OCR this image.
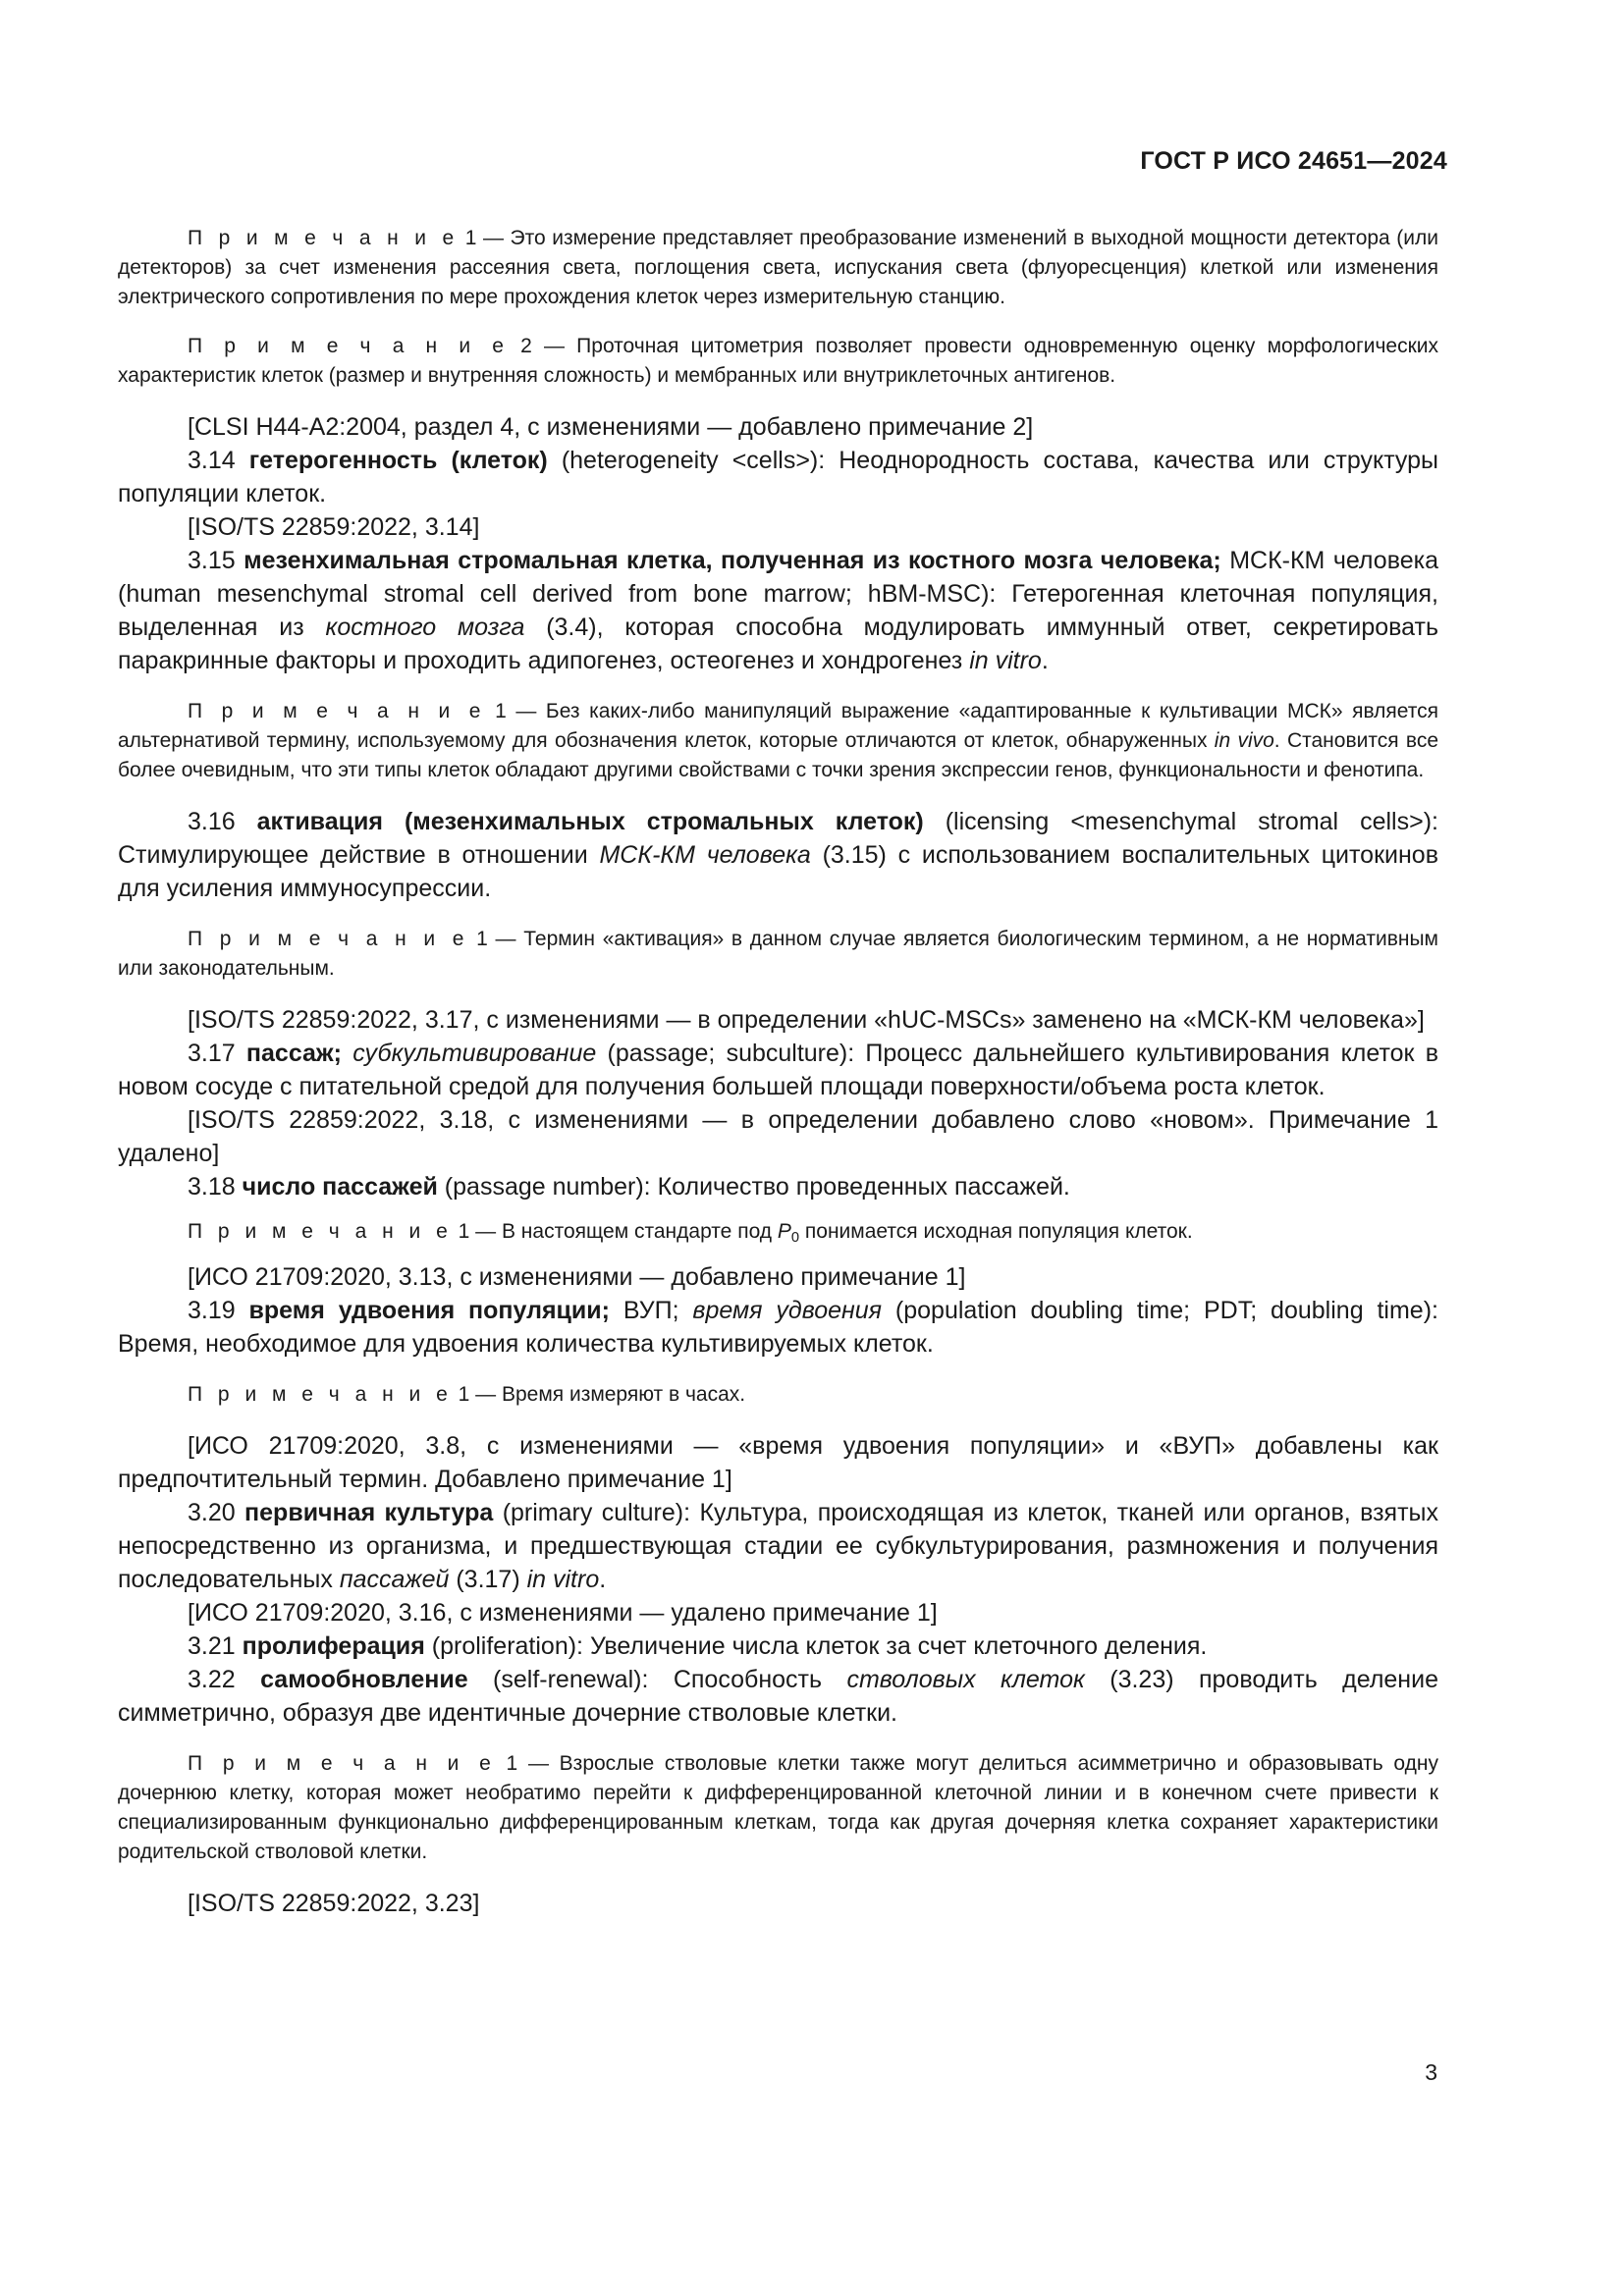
ГОСТ Р ИСО 24651—2024

П р и м е ч а н и е 1 — Это измерение представляет преобразование изменений в выходной мощности детектора (или детекторов) за счет изменения рассеяния света, поглощения света, испускания света (флуоресценция) клеткой или изменения электрического сопротивления по мере прохождения клеток через измерительную станцию.

П р и м е ч а н и е 2 — Проточная цитометрия позволяет провести одновременную оценку морфологических характеристик клеток (размер и внутренняя сложность) и мембранных или внутриклеточных антигенов.

[CLSI H44-A2:2004, раздел 4, с изменениями — добавлено примечание 2]

3.14 гетерогенность (клеток) (heterogeneity <cells>): Неоднородность состава, качества или структуры популяции клеток.

[ISO/TS 22859:2022, 3.14]

3.15 мезенхимальная стромальная клетка, полученная из костного мозга человека; МСК-КМ человека (human mesenchymal stromal cell derived from bone marrow; hBM-MSC): Гетерогенная клеточная популяция, выделенная из костного мозга (3.4), которая способна модулировать иммунный ответ, секретировать паракринные факторы и проходить адипогенез, остеогенез и хондрогенез in vitro.

П р и м е ч а н и е 1 — Без каких-либо манипуляций выражение «адаптированные к культивации МСК» является альтернативой термину, используемому для обозначения клеток, которые отличаются от клеток, обнаруженных in vivo. Становится все более очевидным, что эти типы клеток обладают другими свойствами с точки зрения экспрессии генов, функциональности и фенотипа.

3.16 активация (мезенхимальных стромальных клеток) (licensing <mesenchymal stromal cells>): Стимулирующее действие в отношении МСК-КМ человека (3.15) с использованием воспалительных цитокинов для усиления иммуносупрессии.

П р и м е ч а н и е 1 — Термин «активация» в данном случае является биологическим термином, а не нормативным или законодательным.

[ISO/TS 22859:2022, 3.17, с изменениями — в определении «hUC-MSCs» заменено на «МСК-КМ человека»]

3.17 пассаж; субкультивирование (passage; subculture): Процесс дальнейшего культивирования клеток в новом сосуде с питательной средой для получения большей площади поверхности/объема роста клеток.

[ISO/TS 22859:2022, 3.18, с изменениями — в определении добавлено слово «новом». Примечание 1 удалено]

3.18 число пассажей (passage number): Количество проведенных пассажей.

П р и м е ч а н и е 1 — В настоящем стандарте под $P_0$ понимается исходная популяция клеток.

[ИСО 21709:2020, 3.13, с изменениями — добавлено примечание 1]

3.19 время удвоения популяции; ВУП; время удвоения (population doubling time; PDT; doubling time): Время, необходимое для удвоения количества культивируемых клеток.

П р и м е ч а н и е 1 — Время измеряют в часах.

[ИСО 21709:2020, 3.8, с изменениями — «время удвоения популяции» и «ВУП» добавлены как предпочтительный термин. Добавлено примечание 1]

3.20 первичная культура (primary culture): Культура, происходящая из клеток, тканей или органов, взятых непосредственно из организма, и предшествующая стадии ее субкультурирования, размножения и получения последовательных пассажей (3.17) in vitro.

[ИСО 21709:2020, 3.16, с изменениями — удалено примечание 1]

3.21 пролиферация (proliferation): Увеличение числа клеток за счет клеточного деления.

3.22 самообновление (self-renewal): Способность стволовых клеток (3.23) проводить деление симметрично, образуя две идентичные дочерние стволовые клетки.

П р и м е ч а н и е 1 — Взрослые стволовые клетки также могут делиться асимметрично и образовывать одну дочернюю клетку, которая может необратимо перейти к дифференцированной клеточной линии и в конечном счете привести к специализированным функционально дифференцированным клеткам, тогда как другая дочерняя клетка сохраняет характеристики родительской стволовой клетки.

[ISO/TS 22859:2022, 3.23]

3
